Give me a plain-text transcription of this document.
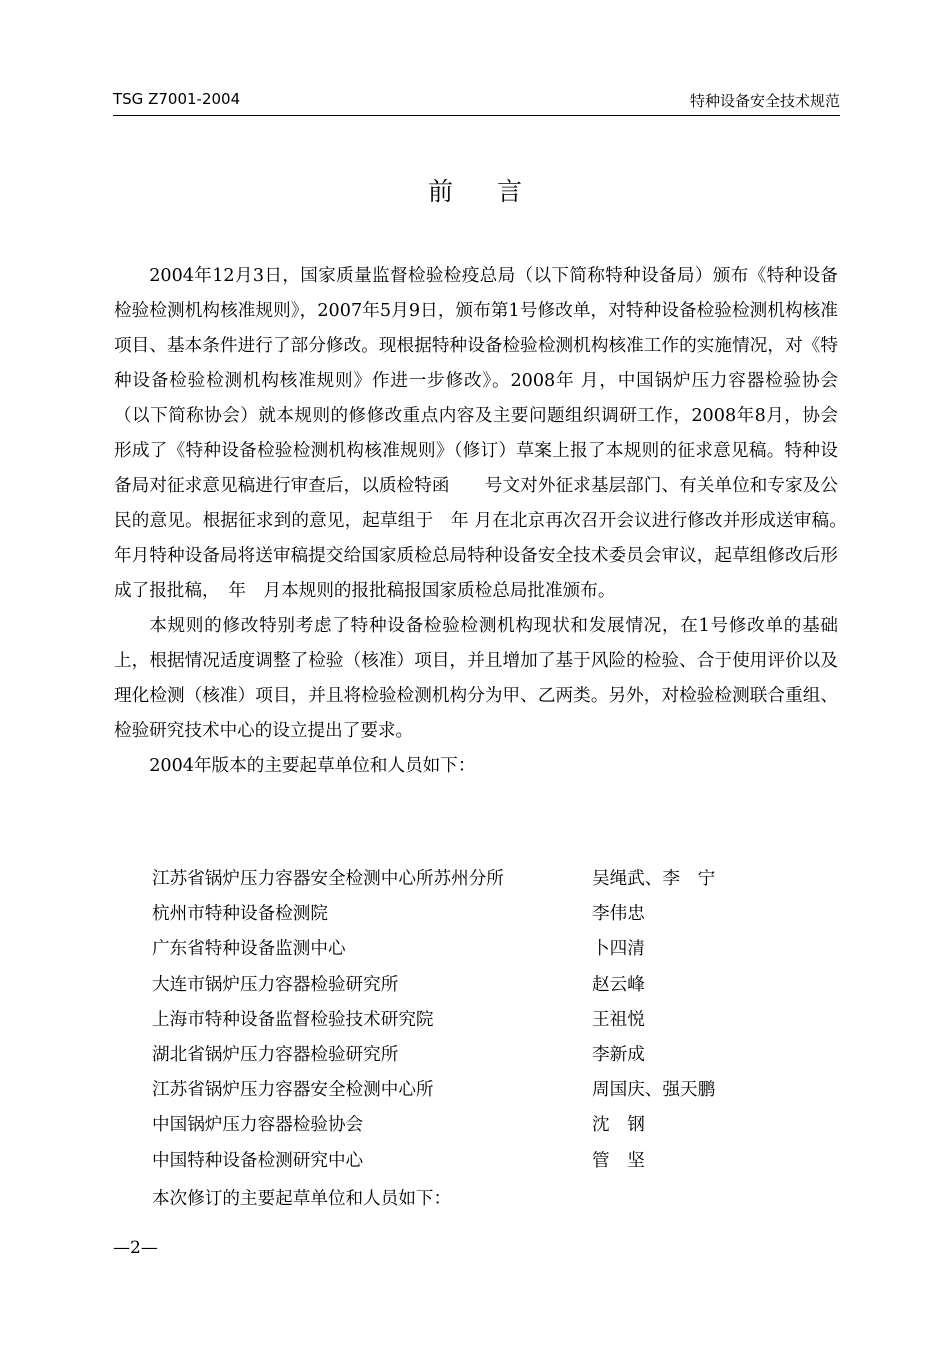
TSG Z7001-2004	特种设备安全技术规范
前言

2004年12月3日，国家质量监督检验检疫总局（以下简称特种设备局）颁布《特种设备检验检测机构核准规则》，2007年5月9日，颁布第1号修改单，对特种设备检验检测机构核准项目、基本条件进行了部分修改。现根据特种设备检验检测机构核准工作的实施情况，对《特种设备检验检测机构核准规则》作进一步修改》。2008年 月，中国锅炉压力容器检验协会（以下简称协会）就本规则的修修改重点内容及主要问题组织调研工作，2008年8月，协会形成了《特种设备检验检测机构核准规则》（修订）草案上报了本规则的征求意见稿。特种设备局对征求意见稿进行审查后，以质检特函　　号文对外征求基层部门、有关单位和专家及公民的意见。根据征求到的意见，起草组于　年 月在北京再次召开会议进行修改并形成送审稿。　　年月特种设备局将送审稿提交给国家质检总局特种设备安全技术委员会审议，起草组修改后形成了报批稿，　年　月本规则的报批稿报国家质检总局批准颁布。

本规则的修改特别考虑了特种设备检验检测机构现状和发展情况，在1号修改单的基础上，根据情况适度调整了检验（核准）项目，并且增加了基于风险的检验、合于使用评价以及理化检测（核准）项目，并且将检验检测机构分为甲、乙两类。另外，对检验检测联合重组、检验研究技术中心的设立提出了要求。

2004年版本的主要起草单位和人员如下：

江苏省锅炉压力容器安全检测中心所苏州分所	吴绳武、李　宁
杭州市特种设备检测院	李伟忠
广东省特种设备监测中心	卜四清
大连市锅炉压力容器检验研究所	赵云峰
上海市特种设备监督检验技术研究院	王祖悦
湖北省锅炉压力容器检验研究所	李新成
江苏省锅炉压力容器安全检测中心所	周国庆、强天鹏
中国锅炉压力容器检验协会	沈　钢
中国特种设备检测研究中心	管　坚
本次修订的主要起草单位和人员如下：
—2—
